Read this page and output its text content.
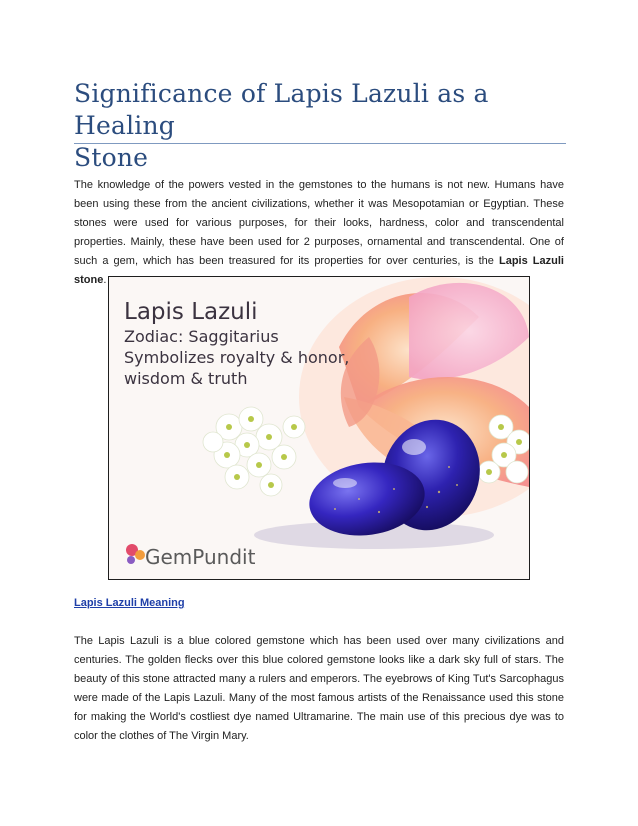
Significance of Lapis Lazuli as a Healing
Stone

The knowledge of the powers vested in the gemstones to the humans is not new. Humans have been using these from the ancient civilizations, whether it was Mesopotamian or Egyptian. These stones were used for various purposes, for their looks, hardness, color and transcendental properties. Mainly, these have been used for 2 purposes, ornamental and transcendental. One of such a gem, which has been treasured for its properties for over centuries, is the Lapis Lazuli stone.

Lapis Lazuli
Zodiac: Saggitarius
Symbolizes royalty & honor,
wisdom & truth
GemPundit

Lapis Lazuli Meaning

The Lapis Lazuli is a blue colored gemstone which has been used over many civilizations and centuries. The golden flecks over this blue colored gemstone looks like a dark sky full of stars. The beauty of this stone attracted many a rulers and emperors. The eyebrows of King Tut's Sarcophagus were made of the Lapis Lazuli. Many of the most famous artists of the Renaissance used this stone for making the World's costliest dye named Ultramarine. The main use of this precious dye was to color the clothes of The Virgin Mary.
